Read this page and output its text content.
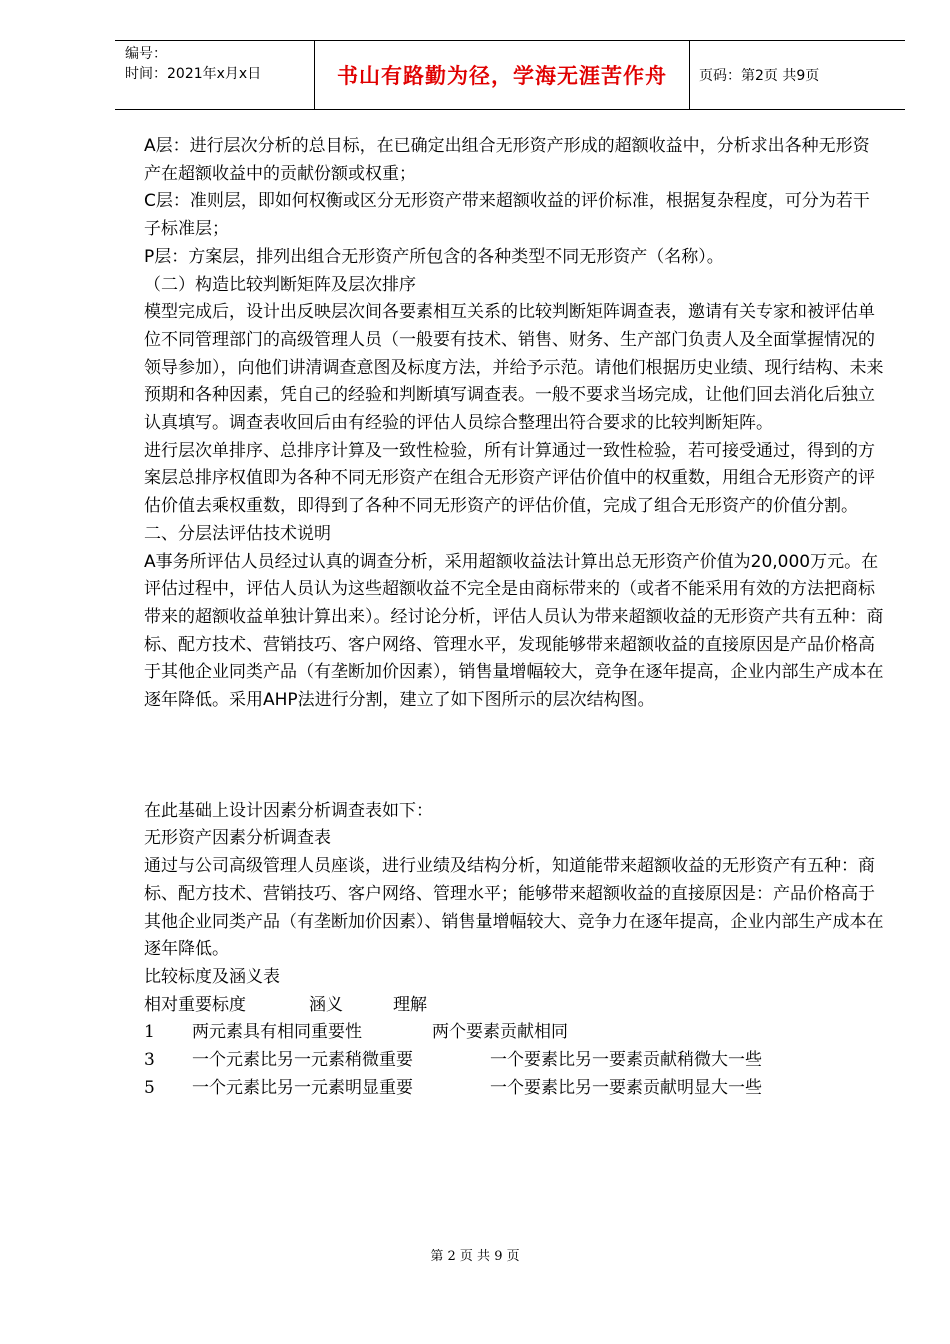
编号：
时间：2021年x月x日	书山有路勤为径，学海无涯苦作舟	页码：第2页 共9页

A层：进行层次分析的总目标，在已确定出组合无形资产形成的超额收益中，分析求出各种无形资产在超额收益中的贡献份额或权重；

C层：准则层，即如何权衡或区分无形资产带来超额收益的评价标准，根据复杂程度，可分为若干子标准层；

P层：方案层，排列出组合无形资产所包含的各种类型不同无形资产（名称）。

（二）构造比较判断矩阵及层次排序

模型完成后，设计出反映层次间各要素相互关系的比较判断矩阵调查表，邀请有关专家和被评估单位不同管理部门的高级管理人员（一般要有技术、销售、财务、生产部门负责人及全面掌握情况的领导参加），向他们讲清调查意图及标度方法，并给予示范。请他们根据历史业绩、现行结构、未来预期和各种因素，凭自己的经验和判断填写调查表。一般不要求当场完成，让他们回去消化后独立认真填写。调查表收回后由有经验的评估人员综合整理出符合要求的比较判断矩阵。

进行层次单排序、总排序计算及一致性检验，所有计算通过一致性检验，若可接受通过，得到的方案层总排序权值即为各种不同无形资产在组合无形资产评估价值中的权重数，用组合无形资产的评估价值去乘权重数，即得到了各种不同无形资产的评估价值，完成了组合无形资产的价值分割。

二、分层法评估技术说明

A事务所评估人员经过认真的调查分析，采用超额收益法计算出总无形资产价值为20,000万元。在评估过程中，评估人员认为这些超额收益不完全是由商标带来的（或者不能采用有效的方法把商标带来的超额收益单独计算出来）。经讨论分析，评估人员认为带来超额收益的无形资产共有五种：商标、配方技术、营销技巧、客户网络、管理水平，发现能够带来超额收益的直接原因是产品价格高于其他企业同类产品（有垄断加价因素），销售量增幅较大，竞争在逐年提高，企业内部生产成本在逐年降低。采用AHP法进行分割，建立了如下图所示的层次结构图。

在此基础上设计因素分析调查表如下：

无形资产因素分析调查表

通过与公司高级管理人员座谈，进行业绩及结构分析，知道能带来超额收益的无形资产有五种：商标、配方技术、营销技巧、客户网络、管理水平；能够带来超额收益的直接原因是：产品价格高于其他企业同类产品（有垄断加价因素）、销售量增幅较大、竞争力在逐年提高，企业内部生产成本在逐年降低。

比较标度及涵义表

相对重要标度	涵义	理解
1	两元素具有相同重要性	两个要素贡献相同
3	一个元素比另一元素稍微重要	一个要素比另一要素贡献稍微大一些
5	一个元素比另一元素明显重要	一个要素比另一要素贡献明显大一些
第 2 页 共 9 页
